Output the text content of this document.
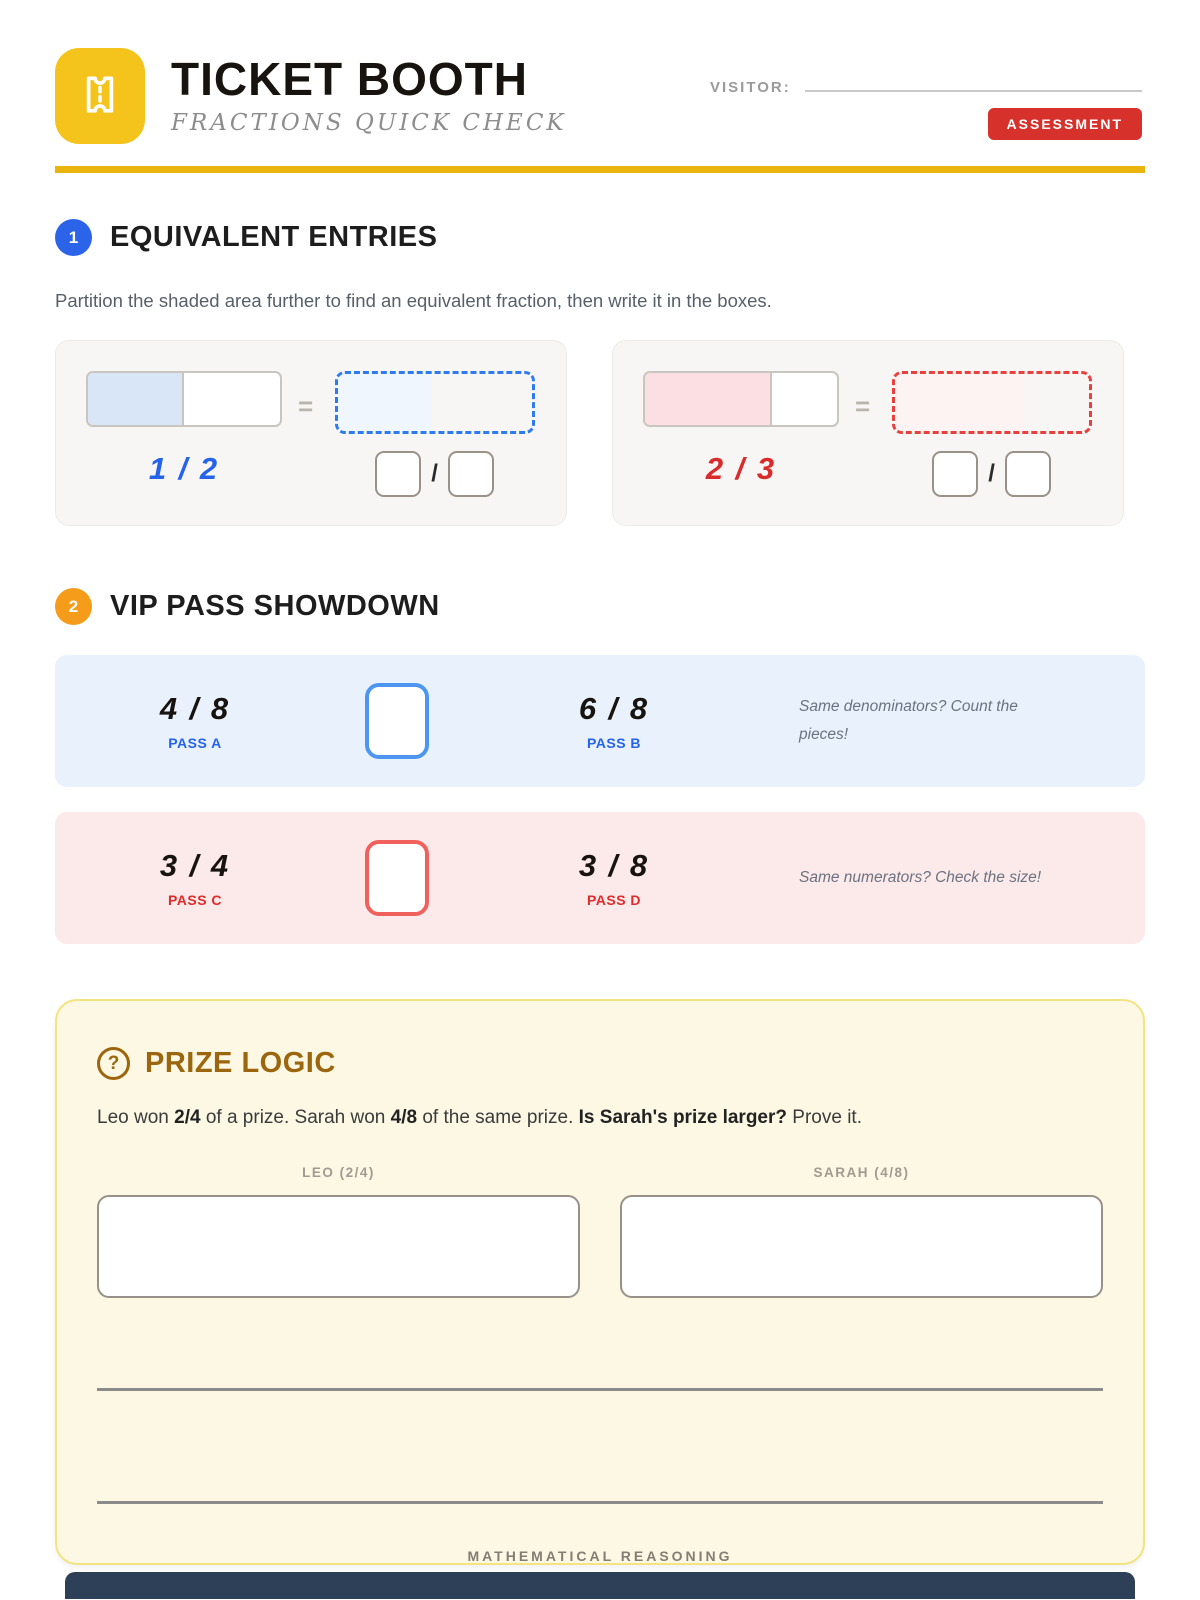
TICKET BOOTH
FRACTIONS QUICK CHECK
VISITOR:
ASSESSMENT
1	EQUIVALENT ENTRIES
Partition the shaded area further to find an equivalent fraction, then write it in the boxes.
1 / 2
=
/	2 / 3
=
/
2	VIP PASS SHOWDOWN
4 / 8
PASS A
6 / 8
PASS B
Same denominators? Count the pieces!
3 / 4
PASS C
3 / 8
PASS D
Same numerators? Check the size!
? PRIZE LOGIC
Leo won 2/4 of a prize. Sarah won 4/8 of the same prize. Is Sarah's prize larger? Prove it.
LEO (2/4)	SARAH (4/8)
MATHEMATICAL REASONING
